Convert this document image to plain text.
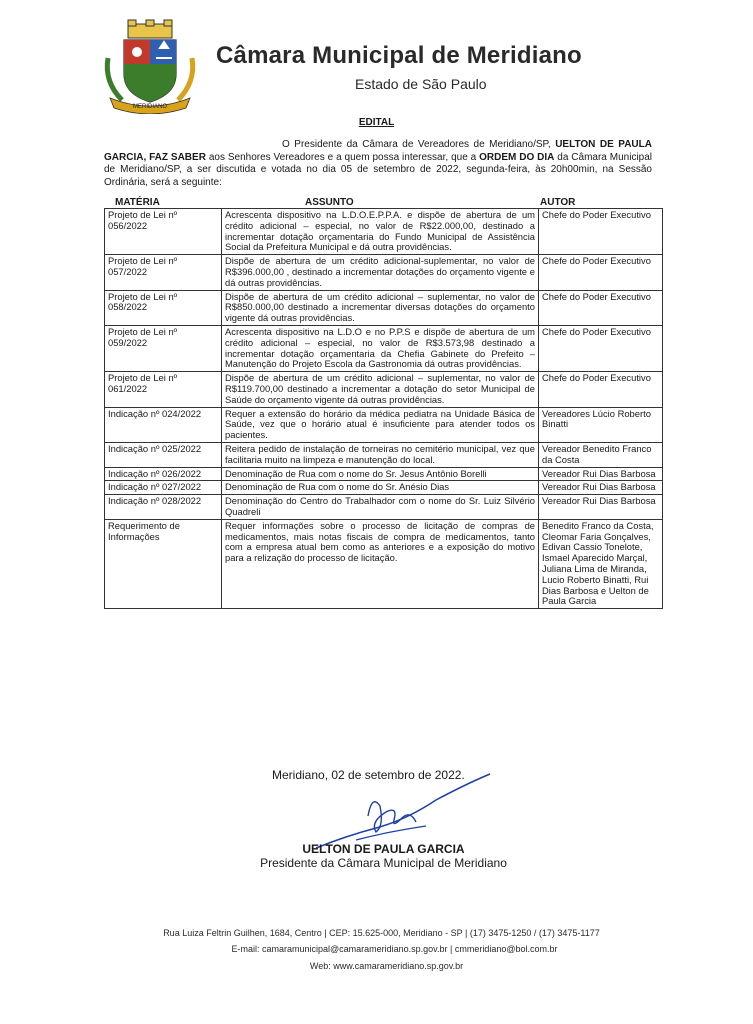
MERIDIANO
Câmara Municipal de Meridiano
Estado de São Paulo
EDITAL

O Presidente da Câmara de Vereadores de Meridiano/SP, UELTON DE PAULA GARCIA, FAZ SABER aos Senhores Vereadores e a quem possa interessar, que a ORDEM DO DIA da Câmara Municipal de Meridiano/SP, a ser discutida e votada no dia 05 de setembro de 2022, segunda-feira, às 20h00min, na Sessão Ordinária, será a seguinte:

MATÉRIA	ASSUNTO	AUTOR
Projeto de Lei nº 056/2022	Acrescenta dispositivo na L.D.O.E.P.P.A. e dispõe de abertura de um crédito adicional – especial, no valor de R$22.000,00, destinado a incrementar dotação orçamentaria do Fundo Municipal de Assistência Social da Prefeitura Municipal e dá outra providências.	Chefe do Poder Executivo
Projeto de Lei nº 057/2022	Dispõe de abertura de um crédito adicional-suplementar, no valor de R$396.000,00 , destinado a incrementar dotações do orçamento vigente e dá outras providências.	Chefe do Poder Executivo
Projeto de Lei nº 058/2022	Dispõe de abertura de um crédito adicional – suplementar, no valor de R$850.000,00 destinado a incrementar diversas dotações do orçamento vigente dá outras providências.	Chefe do Poder Executivo
Projeto de Lei nº 059/2022	Acrescenta dispositivo na L.D.O e no P.P.S e dispõe de abertura de um crédito adicional – especial, no valor de R$3.573,98 destinado a incrementar dotação orçamentaria da Chefia Gabinete do Prefeito – Manutenção do Projeto Escola da Gastronomia dá outras providências.	Chefe do Poder Executivo
Projeto de Lei nº 061/2022	Dispõe de abertura de um crédito adicional – suplementar, no valor de R$119.700,00 destinado a incrementar a dotação do setor Municipal de Saúde do orçamento vigente dá outras providências.	Chefe do Poder Executivo
Indicação nº 024/2022	Requer a extensão do horário da médica pediatra na Unidade Básica de Saúde, vez que o horário atual é insuficiente para atender todos os pacientes.	Vereadores Lúcio Roberto Binatti
Indicação nº 025/2022	Reitera pedido de instalação de torneiras no cemitério municipal, vez que facilitaria muito na limpeza e manutenção do local.	Vereador Benedito Franco da Costa
Indicação nº 026/2022	Denominação de Rua com o nome do Sr. Jesus Antônio Borelli	Vereador Rui Dias Barbosa
Indicação nº 027/2022	Denominação de Rua com o nome do Sr. Anésio Dias	Vereador Rui Dias Barbosa
Indicação nº 028/2022	Denominação do Centro do Trabalhador com o nome do Sr. Luiz Silvério Quadreli	Vereador Rui Dias Barbosa
Requerimento de Informações	Requer informações sobre o processo de licitação de compras de medicamentos, mais notas fiscais de compra de medicamentos, tanto com a empresa atual bem como as anteriores e a exposição do motivo para a relização do processo de licitação.	Benedito Franco da Costa, Cleomar Faria Gonçalves, Edivan Cassio Tonelote, Ismael Aparecido Marçal, Juliana Lima de Miranda, Lucio Roberto Binatti, Rui Dias Barbosa e Uelton de Paula Garcia
Meridiano, 02 de setembro de 2022.
UELTON DE PAULA GARCIA
Presidente da Câmara Municipal de Meridiano
Rua Luiza Feltrin Guilhen, 1684, Centro | CEP: 15.625-000, Meridiano - SP | (17) 3475-1250 / (17) 3475-1177
E-mail: camaramunicipal@camarameridiano.sp.gov.br | cmmeridiano@bol.com.br
Web: www.camarameridiano.sp.gov.br
